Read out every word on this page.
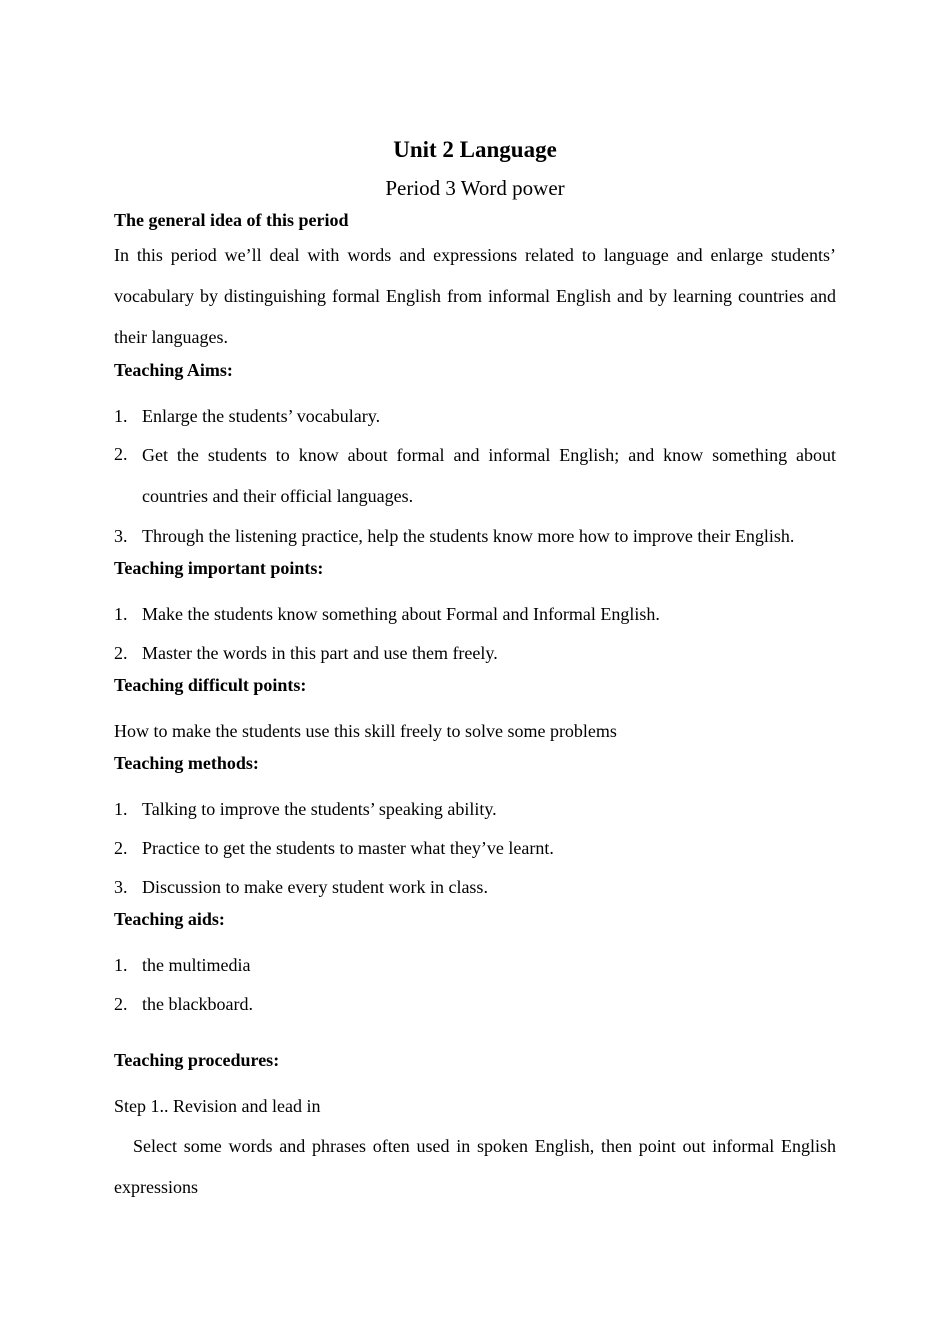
Unit 2 Language

Period 3 Word power

The general idea of this period

In this period we’ll deal with words and expressions related to language and enlarge students’ vocabulary by distinguishing formal English from informal English and by learning countries and their languages.

Teaching Aims:

1. Enlarge the students’ vocabulary.
2. Get the students to know about formal and informal English; and know something about countries and their official languages.
3. Through the listening practice, help the students know more how to improve their English.

Teaching important points:

1. Make the students know something about Formal and Informal English.
2. Master the words in this part and use them freely.

Teaching difficult points:

How to make the students use this skill freely to solve some problems

Teaching methods:

1. Talking to improve the students’ speaking ability.
2. Practice to get the students to master what they’ve learnt.
3. Discussion to make every student work in class.

Teaching aids:

1. the multimedia
2. the blackboard.

Teaching procedures:

Step 1.. Revision and lead in

Select some words and phrases often used in spoken English, then point out informal English expressions
